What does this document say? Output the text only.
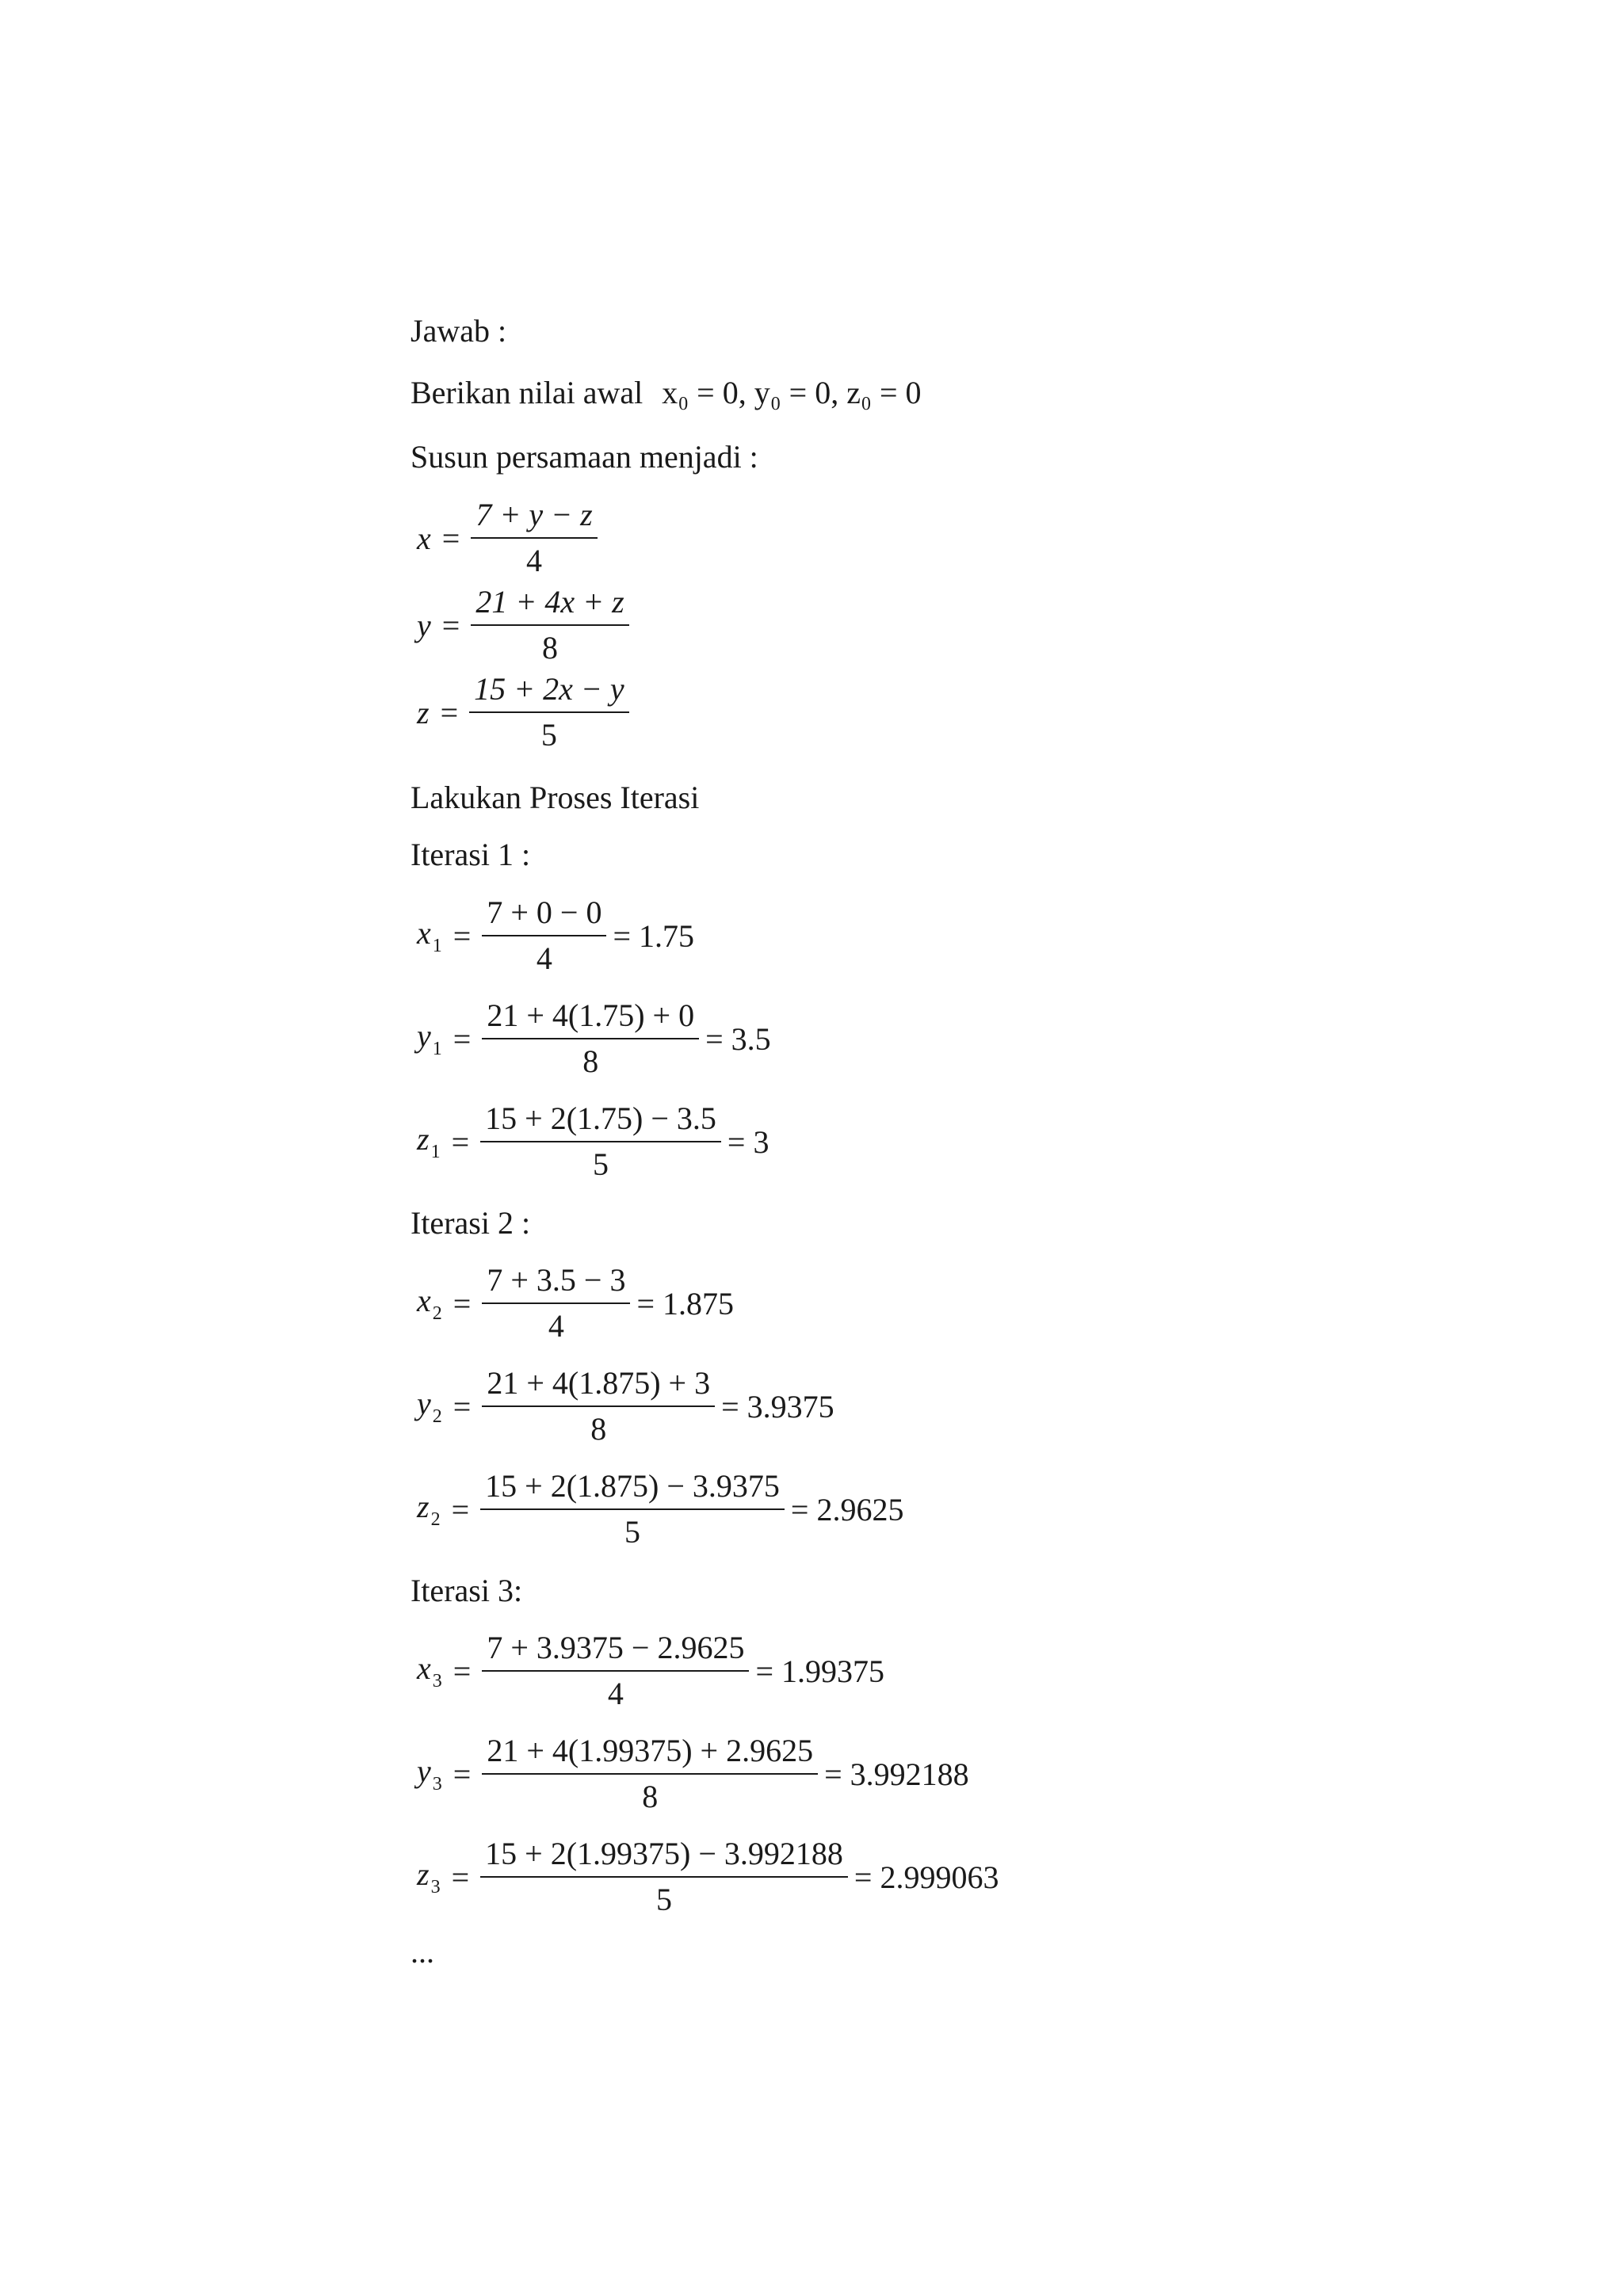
Jawab :
Berikan nilai awal x₀ = 0, y₀ = 0, z₀ = 0
Susun persamaan menjadi :
$x = \frac{7 + y - z}{4}$
$y = \frac{21 + 4x + z}{8}$
$z = \frac{15 + 2x - y}{5}$
Lakukan Proses Iterasi
Iterasi 1 :
$x_1 = \frac{7 + 0 - 0}{4} = 1.75$
$y_1 = \frac{21 + 4(1.75) + 0}{8} = 3.5$
$z_1 = \frac{15 + 2(1.75) - 3.5}{5} = 3$
Iterasi 2 :
$x_2 = \frac{7 + 3.5 - 3}{4} = 1.875$
$y_2 = \frac{21 + 4(1.875) + 3}{8} = 3.9375$
$z_2 = \frac{15 + 2(1.875) - 3.9375}{5} = 2.9625$
Iterasi 3:
$x_3 = \frac{7 + 3.9375 - 2.9625}{4} = 1.99375$
$y_3 = \frac{21 + 4(1.99375) + 2.9625}{8} = 3.992188$
$z_3 = \frac{15 + 2(1.99375) - 3.992188}{5} = 2.999063$
...
